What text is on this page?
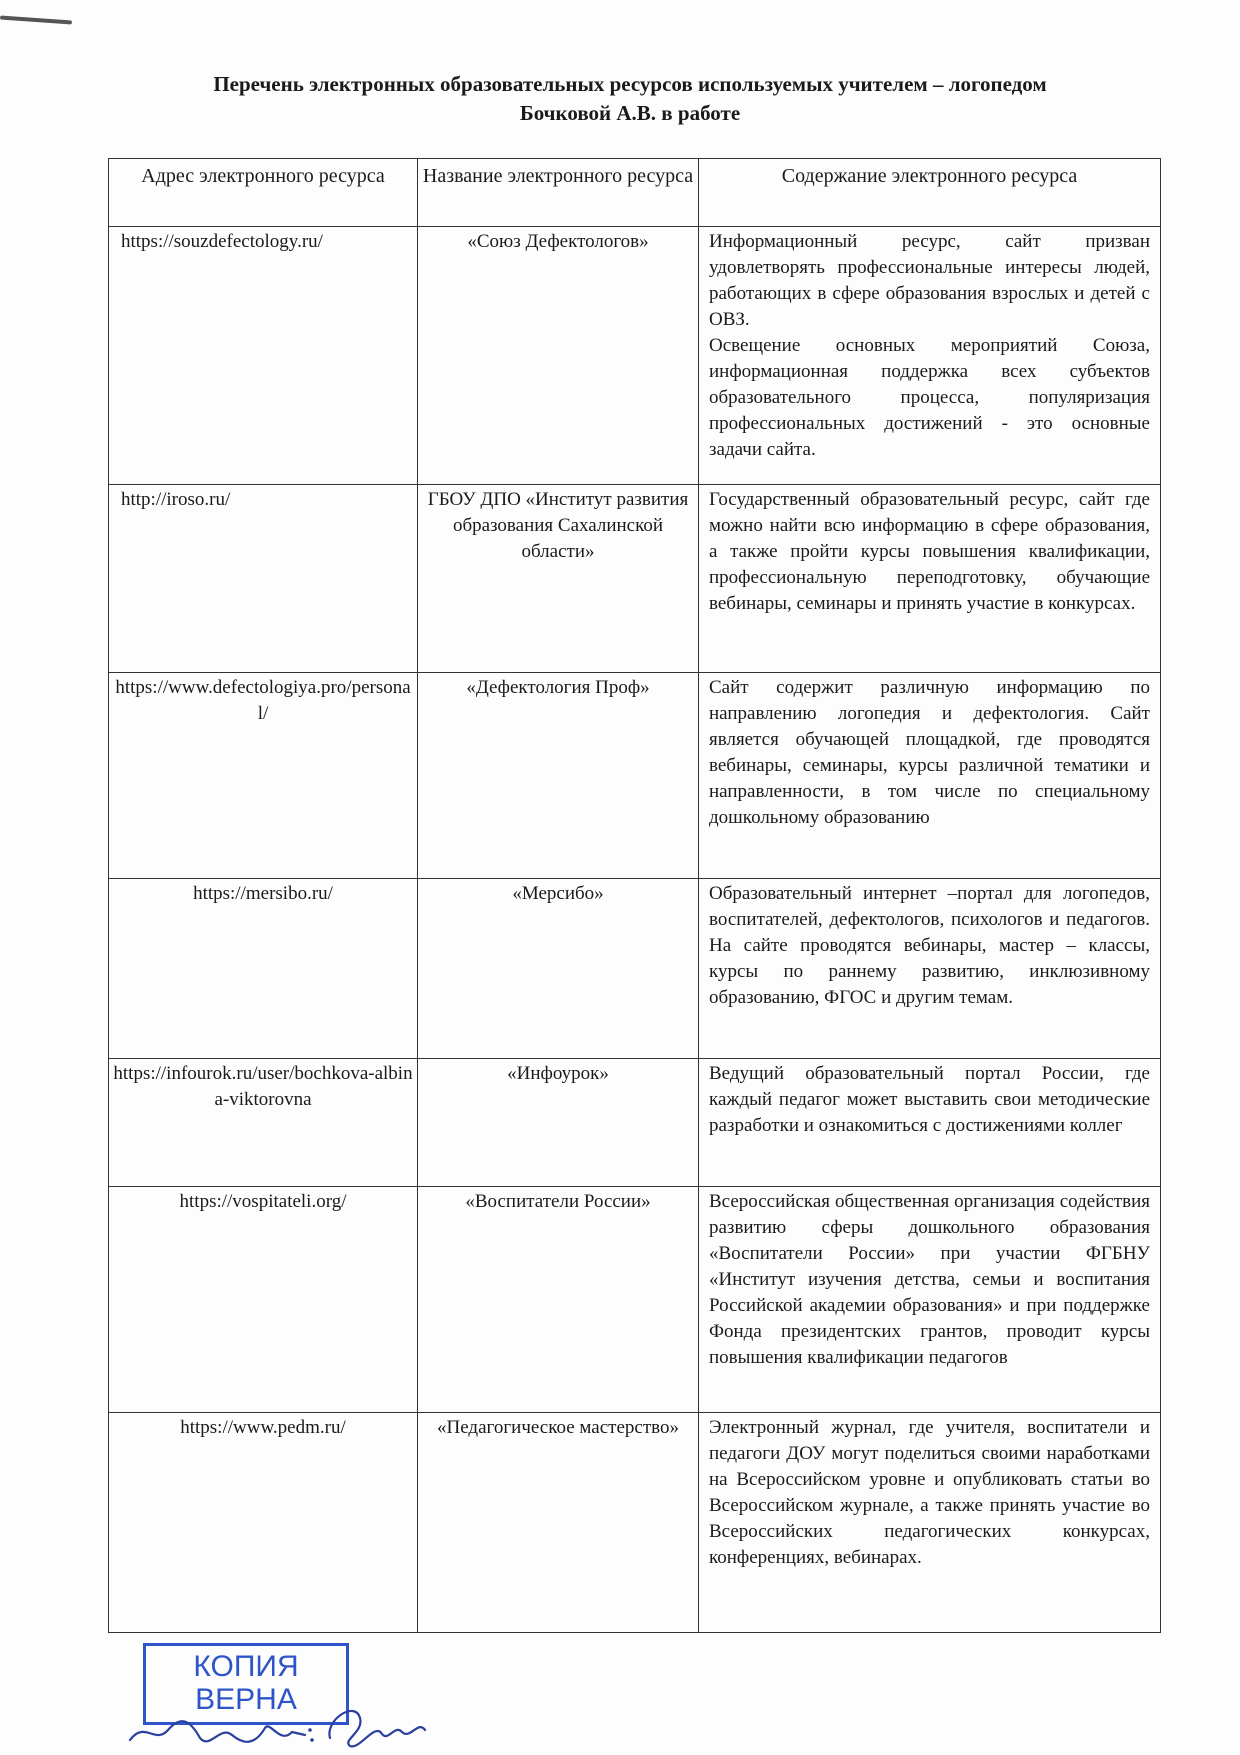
Перечень электронных образовательных ресурсов используемых учителем – логопедом
Бочковой А.В. в работе
Адрес электронного ресурса	Название электронного ресурса	Содержание электронного ресурса
https://souzdefectology.ru/	«Союз Дефектологов»	Информационный ресурс, сайт призван удовлетворять профессиональные интересы людей, работающих в сфере образования взрослых и детей с ОВЗ.
Освещение основных мероприятий Союза, информационная поддержка всех субъектов образовательного процесса, популяризация профессиональных достижений - это основные задачи сайта.

http://iroso.ru/	ГБОУ ДПО «Институт развития образования Сахалинской области»	Государственный образовательный ресурс, сайт где можно найти всю информацию в сфере образования, а также пройти курсы повышения квалификации, профессиональную переподготовку, обучающие вебинары, семинары и принять участие в конкурсах.
https://www.defectologiya.pro/personal/	«Дефектология Проф»	Сайт содержит различную информацию по направлению логопедия и дефектология. Сайт является обучающей площадкой, где проводятся вебинары, семинары, курсы различной тематики и направленности, в том числе по специальному дошкольному образованию
https://mersibo.ru/	«Мерсибо»	Образовательный интернет –портал для логопедов, воспитателей, дефектологов, психологов и педагогов. На сайте проводятся вебинары, мастер – классы, курсы по раннему развитию, инклюзивному образованию, ФГОС и другим темам.
https://infourok.ru/user/bochkova-albina-viktorovna	«Инфоурок»	Ведущий образовательный портал России, где каждый педагог может выставить свои методические разработки и ознакомиться с достижениями коллег
https://vospitateli.org/	«Воспитатели России»	Всероссийская общественная организация содействия развитию сферы дошкольного образования «Воспитатели России» при участии ФГБНУ «Институт изучения детства, семьи и воспитания Российской академии образования» и при поддержке Фонда президентских грантов, проводит курсы повышения квалификации педагогов
https://www.pedm.ru/	«Педагогическое мастерство»	Электронный журнал, где учителя, воспитатели и педагоги ДОУ могут поделиться своими наработками на Всероссийском уровне и опубликовать статьи во Всероссийском журнале, а также принять участие во Всероссийских педагогических конкурсах, конференциях, вебинарах.
КОПИЯ
ВЕРНА
